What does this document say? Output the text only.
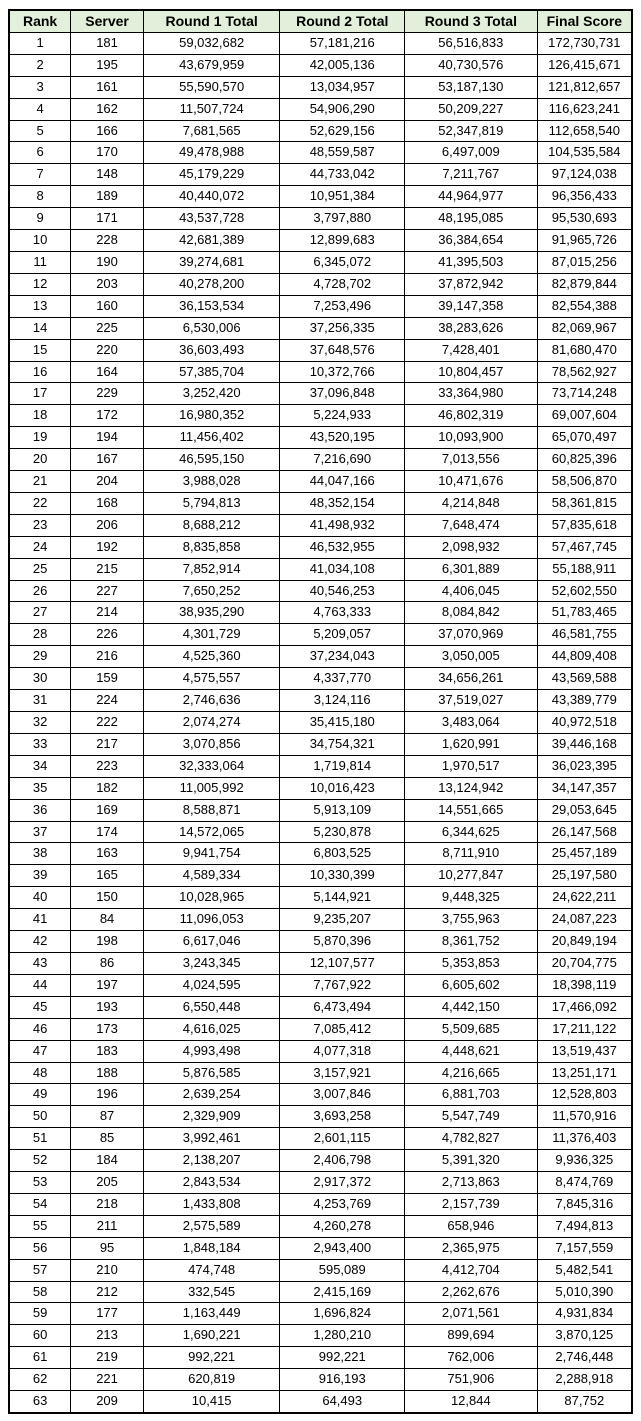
Rank	Server	Round 1 Total	Round 2 Total	Round 3 Total	Final Score
1	181	59,032,682	57,181,216	56,516,833	172,730,731
2	195	43,679,959	42,005,136	40,730,576	126,415,671
3	161	55,590,570	13,034,957	53,187,130	121,812,657
4	162	11,507,724	54,906,290	50,209,227	116,623,241
5	166	7,681,565	52,629,156	52,347,819	112,658,540
6	170	49,478,988	48,559,587	6,497,009	104,535,584
7	148	45,179,229	44,733,042	7,211,767	97,124,038
8	189	40,440,072	10,951,384	44,964,977	96,356,433
9	171	43,537,728	3,797,880	48,195,085	95,530,693
10	228	42,681,389	12,899,683	36,384,654	91,965,726
11	190	39,274,681	6,345,072	41,395,503	87,015,256
12	203	40,278,200	4,728,702	37,872,942	82,879,844
13	160	36,153,534	7,253,496	39,147,358	82,554,388
14	225	6,530,006	37,256,335	38,283,626	82,069,967
15	220	36,603,493	37,648,576	7,428,401	81,680,470
16	164	57,385,704	10,372,766	10,804,457	78,562,927
17	229	3,252,420	37,096,848	33,364,980	73,714,248
18	172	16,980,352	5,224,933	46,802,319	69,007,604
19	194	11,456,402	43,520,195	10,093,900	65,070,497
20	167	46,595,150	7,216,690	7,013,556	60,825,396
21	204	3,988,028	44,047,166	10,471,676	58,506,870
22	168	5,794,813	48,352,154	4,214,848	58,361,815
23	206	8,688,212	41,498,932	7,648,474	57,835,618
24	192	8,835,858	46,532,955	2,098,932	57,467,745
25	215	7,852,914	41,034,108	6,301,889	55,188,911
26	227	7,650,252	40,546,253	4,406,045	52,602,550
27	214	38,935,290	4,763,333	8,084,842	51,783,465
28	226	4,301,729	5,209,057	37,070,969	46,581,755
29	216	4,525,360	37,234,043	3,050,005	44,809,408
30	159	4,575,557	4,337,770	34,656,261	43,569,588
31	224	2,746,636	3,124,116	37,519,027	43,389,779
32	222	2,074,274	35,415,180	3,483,064	40,972,518
33	217	3,070,856	34,754,321	1,620,991	39,446,168
34	223	32,333,064	1,719,814	1,970,517	36,023,395
35	182	11,005,992	10,016,423	13,124,942	34,147,357
36	169	8,588,871	5,913,109	14,551,665	29,053,645
37	174	14,572,065	5,230,878	6,344,625	26,147,568
38	163	9,941,754	6,803,525	8,711,910	25,457,189
39	165	4,589,334	10,330,399	10,277,847	25,197,580
40	150	10,028,965	5,144,921	9,448,325	24,622,211
41	84	11,096,053	9,235,207	3,755,963	24,087,223
42	198	6,617,046	5,870,396	8,361,752	20,849,194
43	86	3,243,345	12,107,577	5,353,853	20,704,775
44	197	4,024,595	7,767,922	6,605,602	18,398,119
45	193	6,550,448	6,473,494	4,442,150	17,466,092
46	173	4,616,025	7,085,412	5,509,685	17,211,122
47	183	4,993,498	4,077,318	4,448,621	13,519,437
48	188	5,876,585	3,157,921	4,216,665	13,251,171
49	196	2,639,254	3,007,846	6,881,703	12,528,803
50	87	2,329,909	3,693,258	5,547,749	11,570,916
51	85	3,992,461	2,601,115	4,782,827	11,376,403
52	184	2,138,207	2,406,798	5,391,320	9,936,325
53	205	2,843,534	2,917,372	2,713,863	8,474,769
54	218	1,433,808	4,253,769	2,157,739	7,845,316
55	211	2,575,589	4,260,278	658,946	7,494,813
56	95	1,848,184	2,943,400	2,365,975	7,157,559
57	210	474,748	595,089	4,412,704	5,482,541
58	212	332,545	2,415,169	2,262,676	5,010,390
59	177	1,163,449	1,696,824	2,071,561	4,931,834
60	213	1,690,221	1,280,210	899,694	3,870,125
61	219	992,221	992,221	762,006	2,746,448
62	221	620,819	916,193	751,906	2,288,918
63	209	10,415	64,493	12,844	87,752
